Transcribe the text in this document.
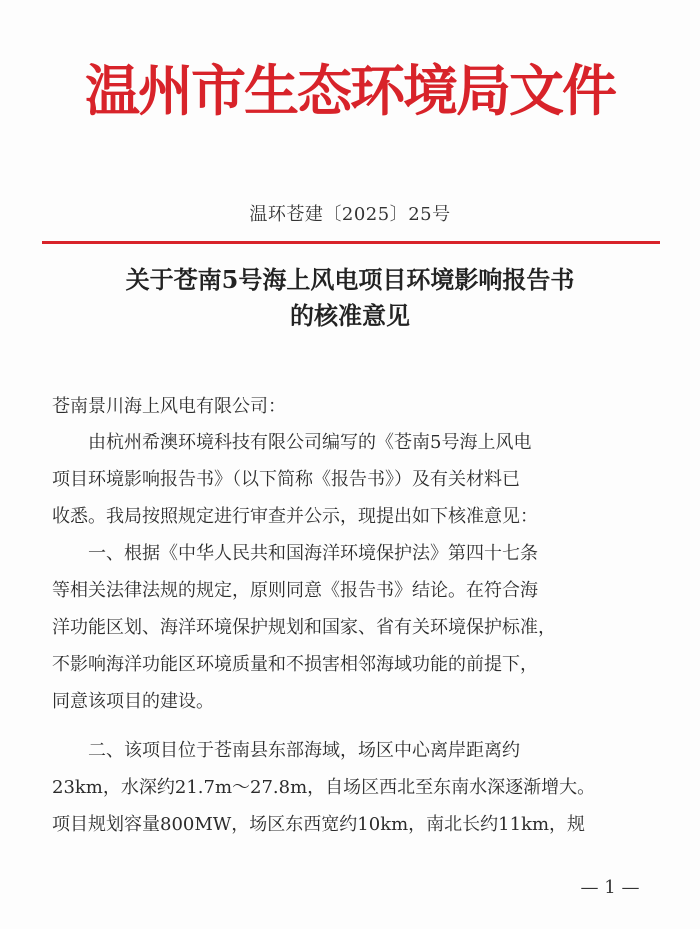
温州市生态环境局文件
温环苍建〔2025〕25号
关于苍南5号海上风电项目环境影响报告书
的核准意见
苍南景川海上风电有限公司：
由杭州希澳环境科技有限公司编写的《苍南5号海上风电
项目环境影响报告书》（以下简称《报告书》）及有关材料已
收悉。我局按照规定进行审查并公示，现提出如下核准意见：
一、根据《中华人民共和国海洋环境保护法》第四十七条
等相关法律法规的规定，原则同意《报告书》结论。在符合海
洋功能区划、海洋环境保护规划和国家、省有关环境保护标准，
不影响海洋功能区环境质量和不损害相邻海域功能的前提下，
同意该项目的建设。
二、该项目位于苍南县东部海域，场区中心离岸距离约
23km，水深约21.7m～27.8m，自场区西北至东南水深逐渐增大。
项目规划容量800MW，场区东西宽约10km，南北长约11km，规
— 1 —
